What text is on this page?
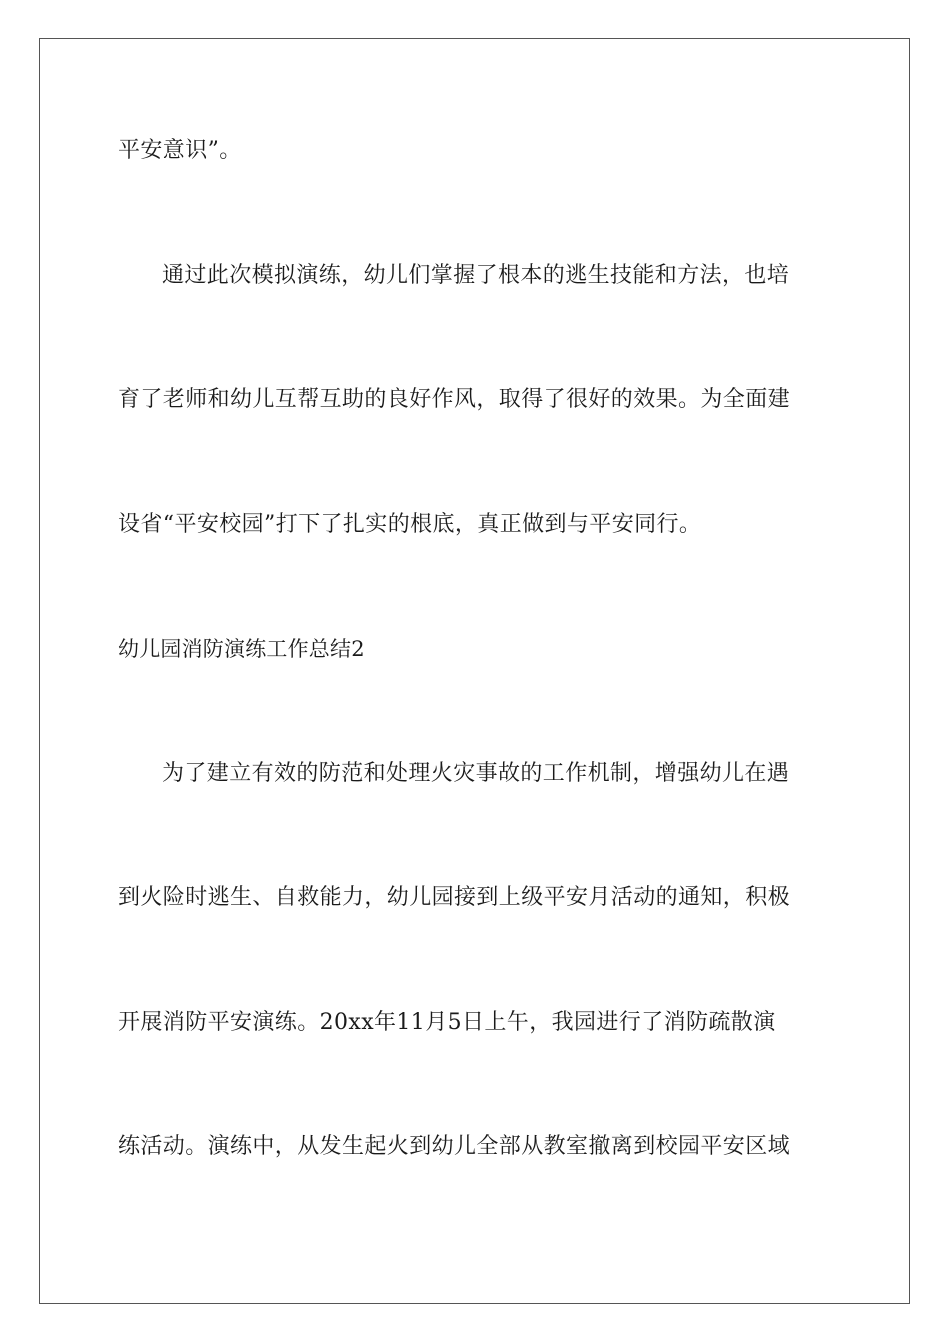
平安意识”。
通过此次模拟演练，幼儿们掌握了根本的逃生技能和方法，也培
育了老师和幼儿互帮互助的良好作风，取得了很好的效果。为全面建
设省“平安校园”打下了扎实的根底，真正做到与平安同行。
幼儿园消防演练工作总结2
为了建立有效的防范和处理火灾事故的工作机制，增强幼儿在遇
到火险时逃生、自救能力，幼儿园接到上级平安月活动的通知，积极
开展消防平安演练。20xx年11月5日上午，我园进行了消防疏散演
练活动。演练中，从发生起火到幼儿全部从教室撤离到校园平安区域
